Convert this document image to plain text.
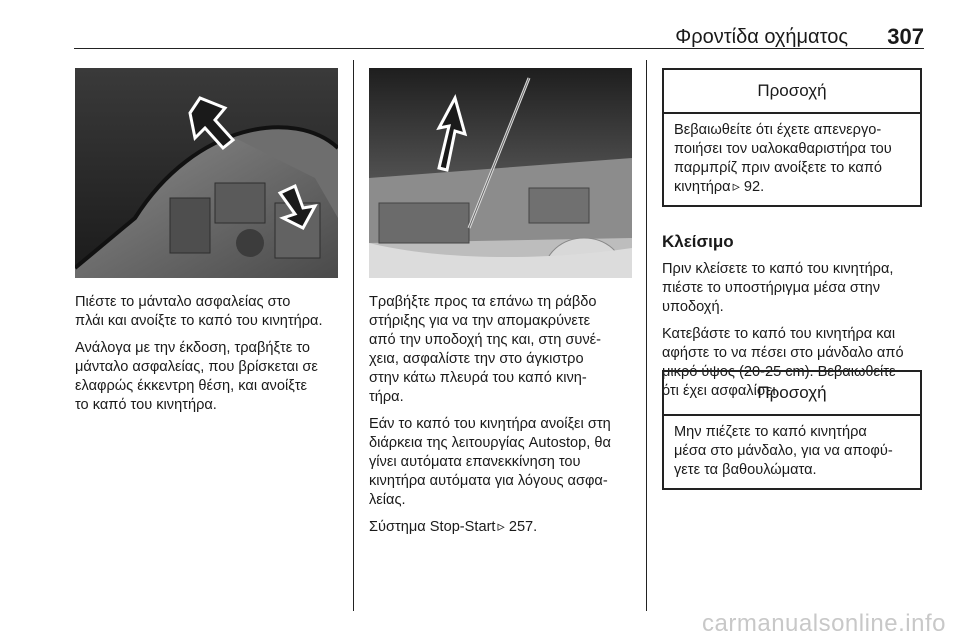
Φροντίδα οχήματος 307

Πιέστε το μάνταλο ασφαλείας στο
πλάι και ανοίξτε το καπό του κινητήρα.

Ανάλογα με την έκδοση, τραβήξτε το
μάνταλο ασφαλείας, που βρίσκεται σε
ελαφρώς έκκεντρη θέση, και ανοίξτε
το καπό του κινητήρα.

Τραβήξτε προς τα επάνω τη ράβδο
στήριξης για να την απομακρύνετε
από την υποδοχή της και, στη συνέ-
χεια, ασφαλίστε την στο άγκιστρο
στην κάτω πλευρά του καπό κινη-
τήρα.

Εάν το καπό του κινητήρα ανοίξει στη
διάρκεια της λειτουργίας Autostop, θα
γίνει αυτόματα επανεκκίνηση του
κινητήρα αυτόματα για λόγους ασφα-
λείας.

Σύστημα Stop-Start ▹ 257.

Προσοχή
Βεβαιωθείτε ότι έχετε απενεργο-
ποιήσει τον υαλοκαθαριστήρα του
παρμπρίζ πριν ανοίξετε το καπό
κινητήρα ▹ 92.
Κλείσιμο

Πριν κλείσετε το καπό του κινητήρα,
πιέστε το υποστήριγμα μέσα στην
υποδοχή.

Κατεβάστε το καπό του κινητήρα και
αφήστε το να πέσει στο μάνδαλο από
μικρό ύψος (20-25 cm). Βεβαιωθείτε
ότι έχει ασφαλίσει.

Προσοχή
Μην πιέζετε το καπό κινητήρα
μέσα στο μάνδαλο, για να αποφύ-
γετε τα βαθουλώματα.
carmanualsonline.info
